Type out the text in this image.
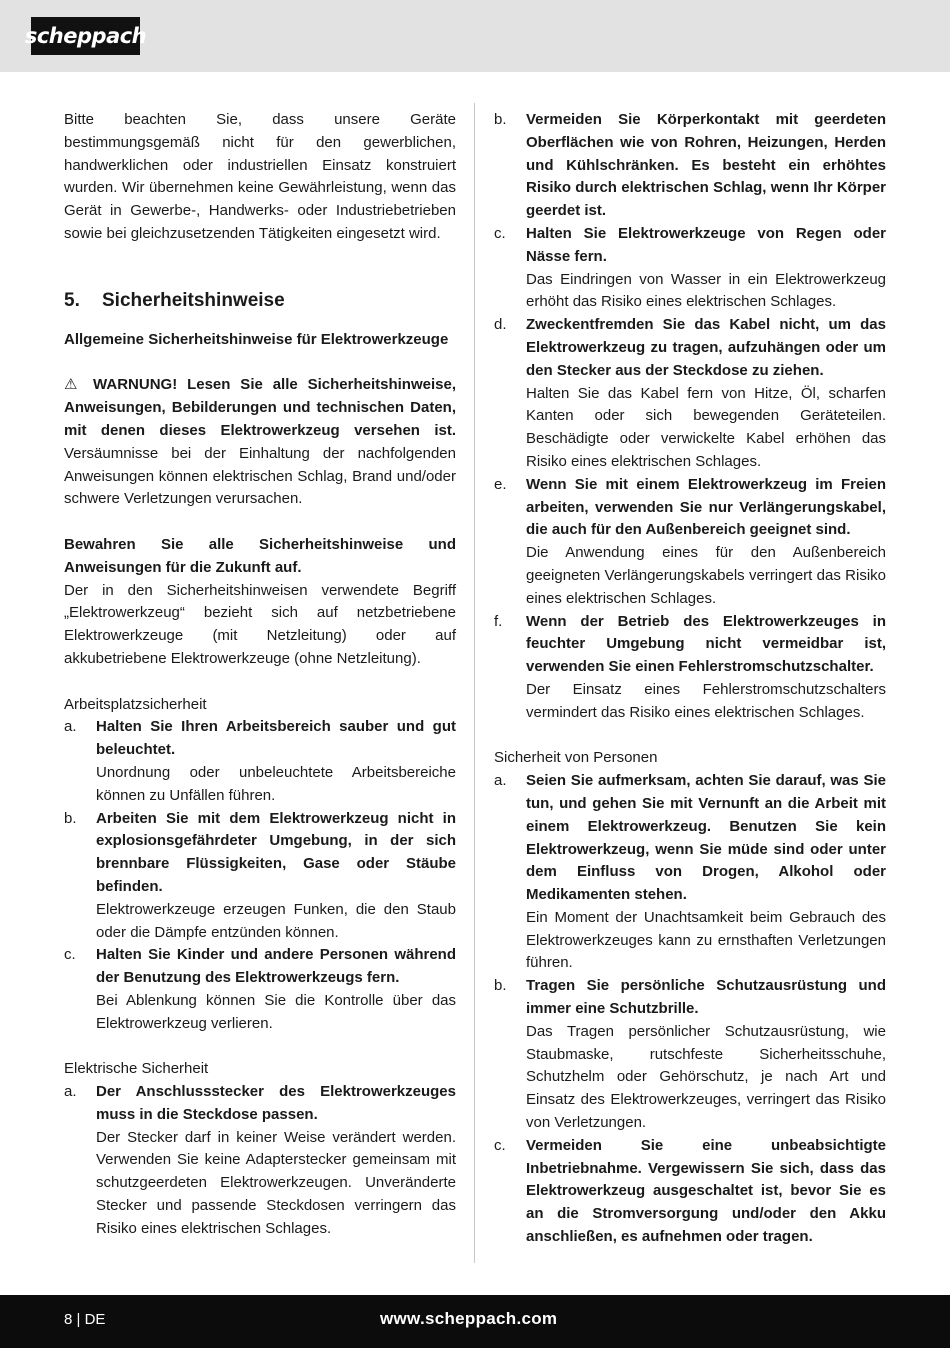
scheppach

Bitte beachten Sie, dass unsere Geräte bestimmungsgemäß nicht für den gewerblichen, handwerklichen oder industriellen Einsatz konstruiert wurden. Wir übernehmen keine Gewährleistung, wenn das Gerät in Gewerbe-, Handwerks- oder Industriebetrieben sowie bei gleichzusetzenden Tätigkeiten eingesetzt wird.

5.	Sicherheitshinweise

Allgemeine Sicherheitshinweise für Elektrowerkzeuge

⚠ WARNUNG! Lesen Sie alle Sicherheitshinweise, Anweisungen, Bebilderungen und technischen Daten, mit denen dieses Elektrowerkzeug versehen ist. Versäumnisse bei der Einhaltung der nachfolgenden Anweisungen können elektrischen Schlag, Brand und/oder schwere Verletzungen verursachen.

Bewahren Sie alle Sicherheitshinweise und Anweisungen für die Zukunft auf.

Der in den Sicherheitshinweisen verwendete Begriff „Elektrowerkzeug“ bezieht sich auf netzbetriebene Elektrowerkzeuge (mit Netzleitung) oder auf akkubetriebene Elektrowerkzeuge (ohne Netzleitung).

Arbeitsplatzsicherheit

a.	Halten Sie Ihren Arbeitsbereich sauber und gut beleuchtet.

Unordnung oder unbeleuchtete Arbeitsbereiche können zu Unfällen führen.

b.	Arbeiten Sie mit dem Elektrowerkzeug nicht in explosionsgefährdeter Umgebung, in der sich brennbare Flüssigkeiten, Gase oder Stäube befinden.

Elektrowerkzeuge erzeugen Funken, die den Staub oder die Dämpfe entzünden können.

c.	Halten Sie Kinder und andere Personen während der Benutzung des Elektrowerkzeugs fern.

Bei Ablenkung können Sie die Kontrolle über das Elektrowerkzeug verlieren.

Elektrische Sicherheit

a.	Der Anschlussstecker des Elektrowerkzeuges muss in die Steckdose passen.

Der Stecker darf in keiner Weise verändert werden. Verwenden Sie keine Adapterstecker gemeinsam mit schutzgeerdeten Elektrowerkzeugen. Unveränderte Stecker und passende Steckdosen verringern das Risiko eines elektrischen Schlages.

b.	Vermeiden Sie Körperkontakt mit geerdeten Oberflächen wie von Rohren, Heizungen, Herden und Kühlschränken. Es besteht ein erhöhtes Risiko durch elektrischen Schlag, wenn Ihr Körper geerdet ist.

c.	Halten Sie Elektrowerkzeuge von Regen oder Nässe fern.

Das Eindringen von Wasser in ein Elektrowerkzeug erhöht das Risiko eines elektrischen Schlages.

d.	Zweckentfremden Sie das Kabel nicht, um das Elektrowerkzeug zu tragen, aufzuhängen oder um den Stecker aus der Steckdose zu ziehen.

Halten Sie das Kabel fern von Hitze, Öl, scharfen Kanten oder sich bewegenden Geräteteilen. Beschädigte oder verwickelte Kabel erhöhen das Risiko eines elektrischen Schlages.

e.	Wenn Sie mit einem Elektrowerkzeug im Freien arbeiten, verwenden Sie nur Verlängerungskabel, die auch für den Außenbereich geeignet sind.

Die Anwendung eines für den Außenbereich geeigneten Verlängerungskabels verringert das Risiko eines elektrischen Schlages.

f.	Wenn der Betrieb des Elektrowerkzeuges in feuchter Umgebung nicht vermeidbar ist, verwenden Sie einen Fehlerstromschutzschalter.

Der Einsatz eines Fehlerstromschutzschalters vermindert das Risiko eines elektrischen Schlages.

Sicherheit von Personen

a.	Seien Sie aufmerksam, achten Sie darauf, was Sie tun, und gehen Sie mit Vernunft an die Arbeit mit einem Elektrowerkzeug. Benutzen Sie kein Elektrowerkzeug, wenn Sie müde sind oder unter dem Einfluss von Drogen, Alkohol oder Medikamenten stehen.

Ein Moment der Unachtsamkeit beim Gebrauch des Elektrowerkzeuges kann zu ernsthaften Verletzungen führen.

b.	Tragen Sie persönliche Schutzausrüstung und immer eine Schutzbrille.

Das Tragen persönlicher Schutzausrüstung, wie Staubmaske, rutschfeste Sicherheitsschuhe, Schutzhelm oder Gehörschutz, je nach Art und Einsatz des Elektrowerkzeuges, verringert das Risiko von Verletzungen.

c.	Vermeiden Sie eine unbeabsichtigte Inbetriebnahme. Vergewissern Sie sich, dass das Elektrowerkzeug ausgeschaltet ist, bevor Sie es an die Stromversorgung und/oder den Akku anschließen, es aufnehmen oder tragen.

8 | DE	www.scheppach.com
